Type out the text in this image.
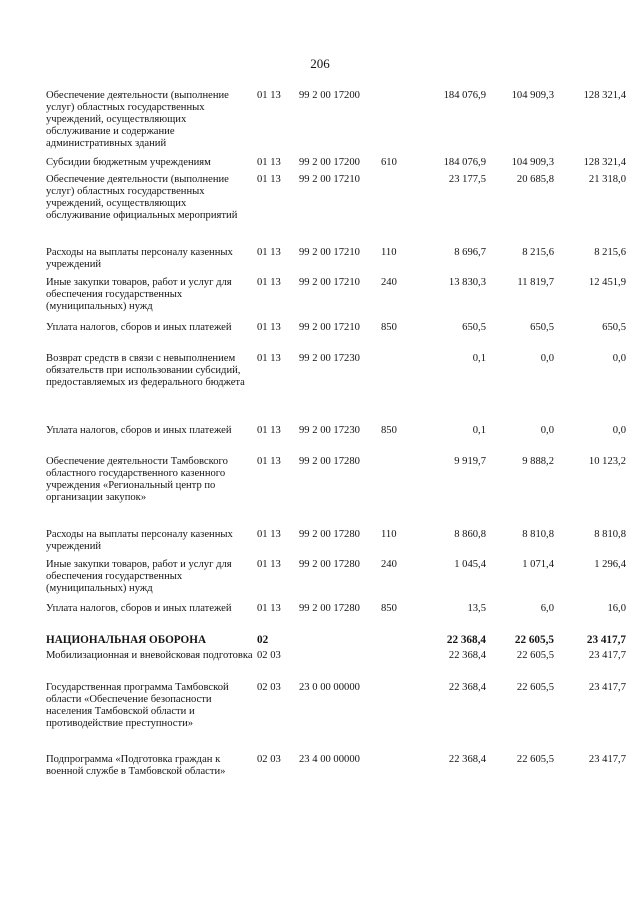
206
Обеспечение деятельности (выполнение услуг) областных государственных учреждений, осуществляющих обслуживание и содержание административных зданий	01 13	99 2 00 17200		184 076,9	104 909,3	128 321,4
Субсидии бюджетным учреждениям	01 13	99 2 00 17200	610	184 076,9	104 909,3	128 321,4
Обеспечение деятельности (выполнение услуг) областных государственных учреждений, осуществляющих обслуживание официальных мероприятий	01 13	99 2 00 17210		23 177,5	20 685,8	21 318,0
Расходы на выплаты персоналу казенных учреждений	01 13	99 2 00 17210	110	8 696,7	8 215,6	8 215,6
Иные закупки товаров, работ и услуг для обеспечения государственных (муниципальных) нужд	01 13	99 2 00 17210	240	13 830,3	11 819,7	12 451,9
Уплата налогов, сборов и иных платежей	01 13	99 2 00 17210	850	650,5	650,5	650,5
Возврат средств в связи с невыполнением обязательств при использовании субсидий, предоставляемых из федерального бюджета	01 13	99 2 00 17230		0,1	0,0	0,0
Уплата налогов, сборов и иных платежей	01 13	99 2 00 17230	850	0,1	0,0	0,0
Обеспечение деятельности Тамбовского областного государственного казенного учреждения «Региональный центр по организации закупок»	01 13	99 2 00 17280		9 919,7	9 888,2	10 123,2
Расходы на выплаты персоналу казенных учреждений	01 13	99 2 00 17280	110	8 860,8	8 810,8	8 810,8
Иные закупки товаров, работ и услуг для обеспечения государственных (муниципальных) нужд	01 13	99 2 00 17280	240	1 045,4	1 071,4	1 296,4
Уплата налогов, сборов и иных платежей	01 13	99 2 00 17280	850	13,5	6,0	16,0
НАЦИОНАЛЬНАЯ ОБОРОНА	02			22 368,4	22 605,5	23 417,7
Мобилизационная и вневойсковая подготовка	02 03			22 368,4	22 605,5	23 417,7
Государственная программа Тамбовской области «Обеспечение безопасности населения Тамбовской области и противодействие преступности»	02 03	23 0 00 00000		22 368,4	22 605,5	23 417,7
Подпрограмма «Подготовка граждан к военной службе в Тамбовской области»	02 03	23 4 00 00000		22 368,4	22 605,5	23 417,7
